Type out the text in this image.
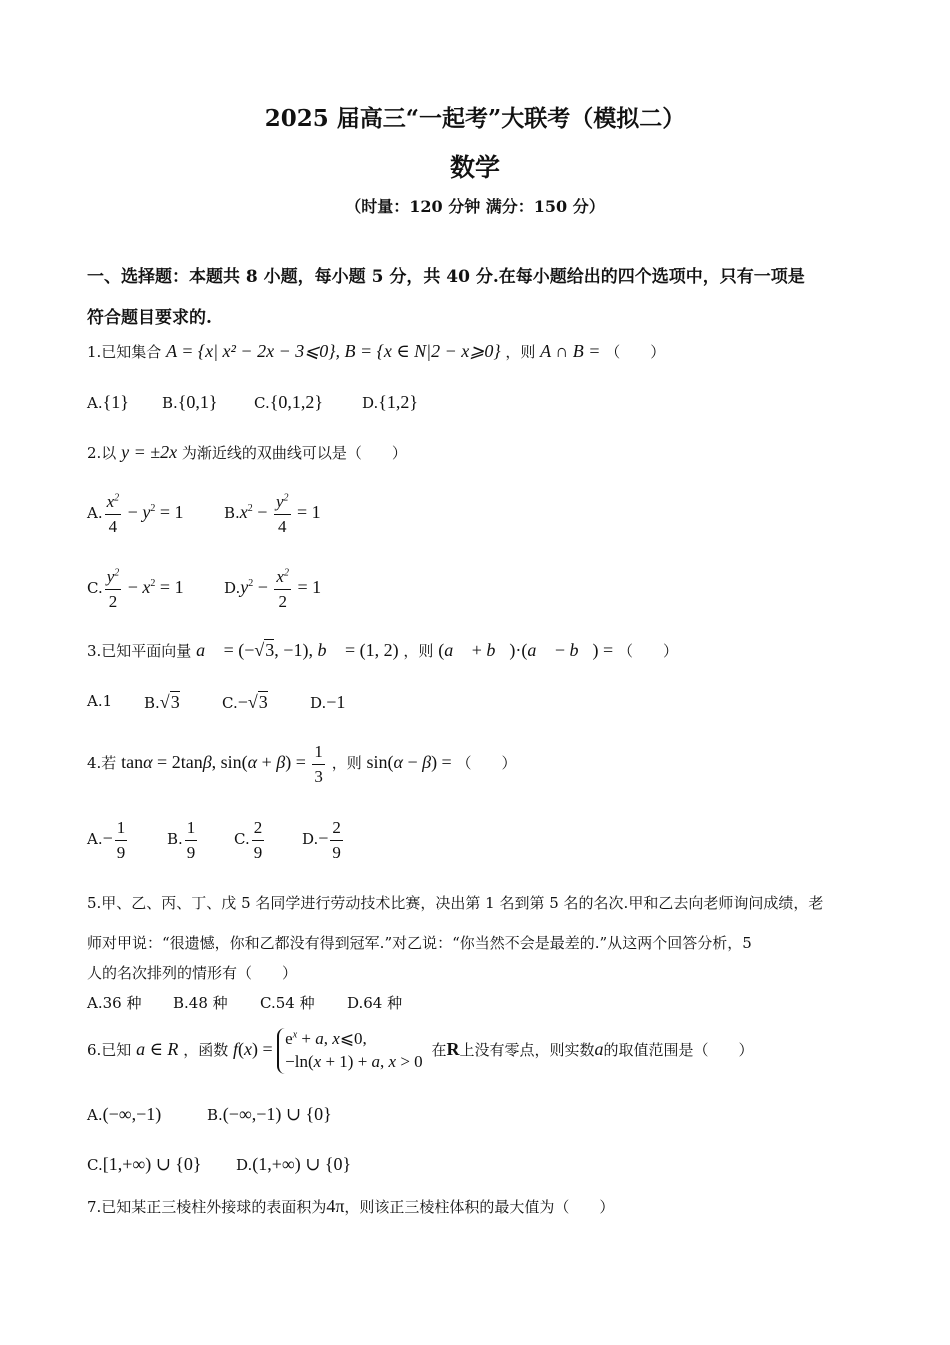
2025 届高三“一起考”大联考（模拟二）
数学
（时量：120 分钟 满分：150 分）
一、选择题：本题共 8 小题，每小题 5 分，共 40 分.在每小题给出的四个选项中，只有一项是
符合题目要求的.
1.已知集合 A = {x| x² − 2x − 3⩽0}, B = {x ∈ N|2 − x⩾0} ，则 A ∩ B = （　　）
A.{1} B.{0,1} C.{0,1,2}	D.{1,2}
2.以 y = ±2x 为渐近线的双曲线可以是（　　）
A. $\frac{x^2}{4} - y^2 = 1$	$B.x^2 - \frac{y^2}{4} = 1$
C. $\frac{y^2}{2} - x^2 = 1$	$D.y^2 - \frac{x^2}{2} = 1$
3.已知平面向量 a⃗ = (−√3, −1), b⃗ = (1, 2) ，则 (a⃗ + b⃗)·(a⃗ − b⃗) = （　　）
A.1 B.√3	C.−√3	D.−1
4.若 tanα = 2tanβ, $\sin(\alpha + \beta) = \frac{1}{3}$ ，则 sin(α − β) = （　　）
$A.- \frac{1}{9}$	B. $\frac{1}{9} C$. $\frac{2}{9}$	$D.- \frac{2}{9}$
5.甲、乙、丙、丁、戊 5 名同学进行劳动技术比赛，决出第 1 名到第 5 名的名次.甲和乙去向老师询问成绩，老
师对甲说：“很遗憾，你和乙都没有得到冠军.”对乙说：“你当然不会是最差的.”从这两个回答分析，5
人的名次排列的情形有（　　）
A.36 种 B.48 种 C.54 种 D.64 种
6.已知 a ∈ R ，函数 $f(x) = e^x + a$, x⩽0,
−ln(x + 1) + a, x > 0 在R上没有零点，则实数a的取值范围是（　　）
A.(−∞,−1)	B.(−∞,−1) ∪ {0}
C.[1,+∞) ∪ {0} D.(1,+∞) ∪ {0}
7.已知某正三棱柱外接球的表面积为4π，则该正三棱柱体积的最大值为（　　）
